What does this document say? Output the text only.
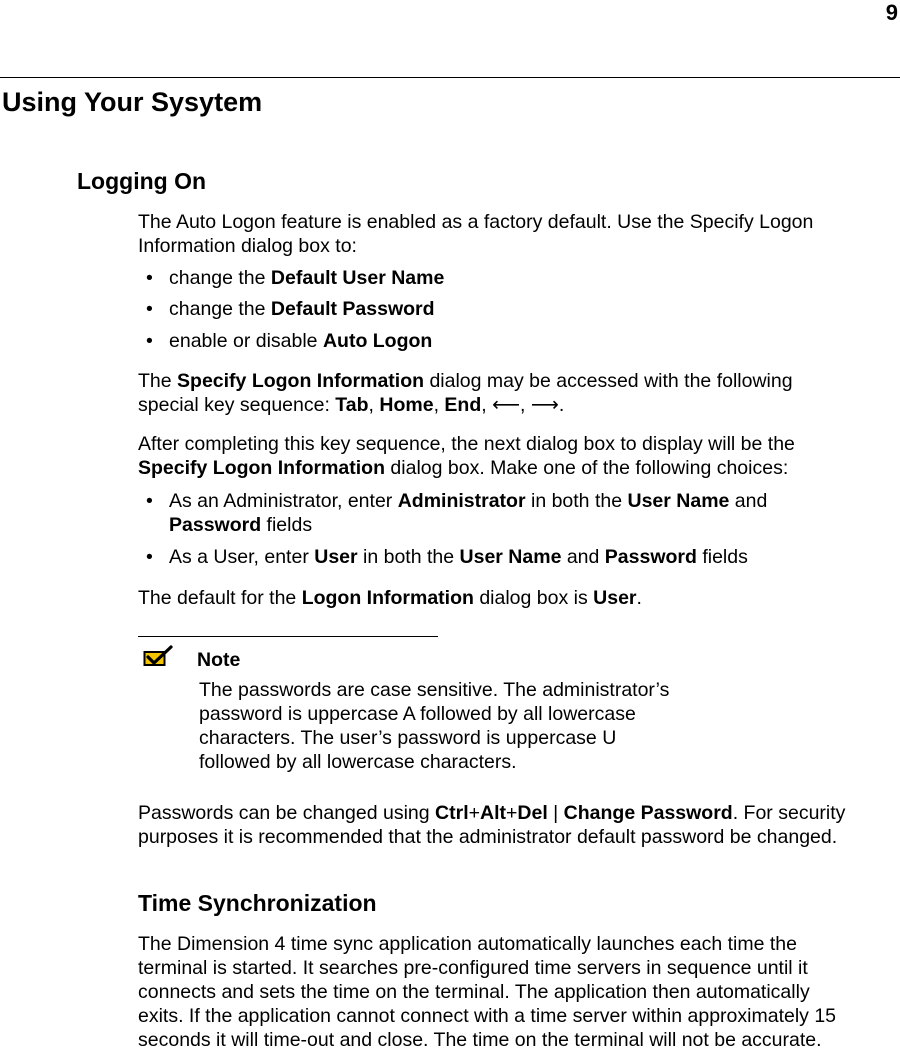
9
Using Your Sysytem
Logging On

The Auto Logon feature is enabled as a factory default. Use the Specify Logon
Information dialog box to:

• change the Default User Name
• change the Default Password
• enable or disable Auto Logon

The Specify Logon Information dialog may be accessed with the following
special key sequence: Tab, Home, End, ⟵, ⟶.

After completing this key sequence, the next dialog box to display will be the
Specify Logon Information dialog box. Make one of the following choices:

• As an Administrator, enter Administrator in both the User Name and
Password fields
• As a User, enter User in both the User Name and Password fields

The default for the Logon Information dialog box is User.

Note

The passwords are case sensitive. The administrator’s
password is uppercase A followed by all lowercase
characters. The user’s password is uppercase U
followed by all lowercase characters.

Passwords can be changed using Ctrl+Alt+Del | Change Password. For security
purposes it is recommended that the administrator default password be changed.

Time Synchronization

The Dimension 4 time sync application automatically launches each time the
terminal is started. It searches pre-configured time servers in sequence until it
connects and sets the time on the terminal. The application then automatically
exits. If the application cannot connect with a time server within approximately 15
seconds it will time-out and close. The time on the terminal will not be accurate.
